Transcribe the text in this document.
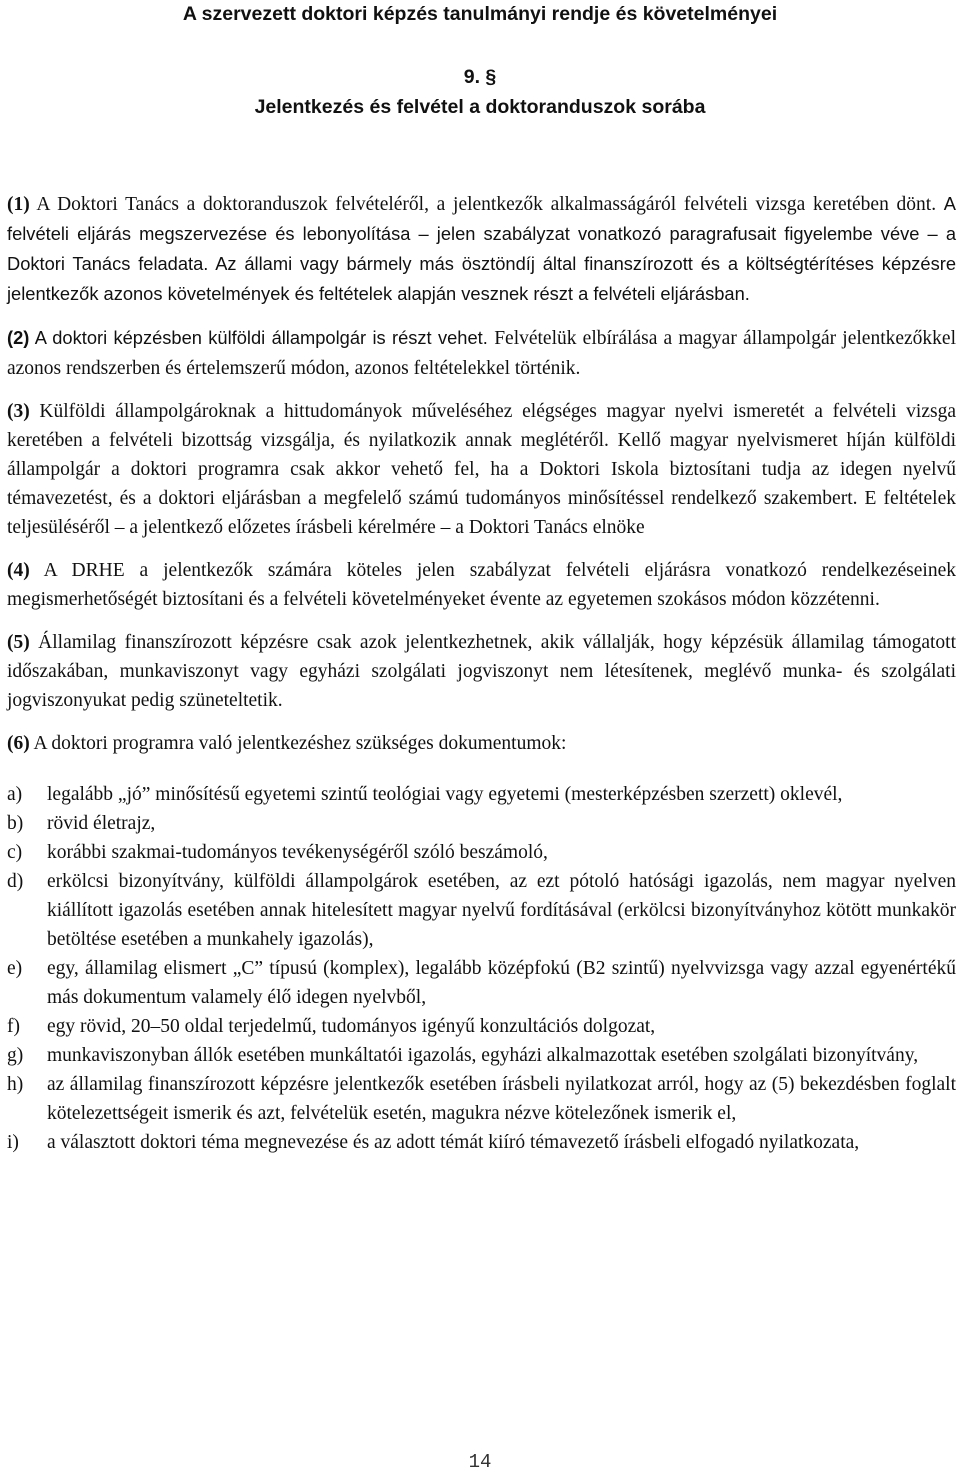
A szervezett doktori képzés tanulmányi rendje és követelményei
9. §
Jelentkezés és felvétel a doktoranduszok sorába

(1) A Doktori Tanács a doktoranduszok felvételéről, a jelentkezők alkalmasságáról felvételi vizsga keretében dönt. A felvételi eljárás megszervezése és lebonyolítása – jelen szabályzat vonatkozó paragrafusait figyelembe véve – a Doktori Tanács feladata. Az állami vagy bármely más ösztöndíj által finanszírozott és a költségtérítéses képzésre jelentkezők azonos követelmények és feltételek alapján vesznek részt a felvételi eljárásban.

(2) A doktori képzésben külföldi állampolgár is részt vehet. Felvételük elbírálása a magyar állampolgár jelentkezőkkel azonos rendszerben és értelemszerű módon, azonos feltételekkel történik.

(3) Külföldi állampolgároknak a hittudományok műveléséhez elégséges magyar nyelvi ismeretét a felvételi vizsga keretében a felvételi bizottság vizsgálja, és nyilatkozik annak meglétéről. Kellő magyar nyelvismeret híján külföldi állampolgár a doktori programra csak akkor vehető fel, ha a Doktori Iskola biztosítani tudja az idegen nyelvű témavezetést, és a doktori eljárásban a megfelelő számú tudományos minősítéssel rendelkező szakembert. E feltételek teljesüléséről – a jelentkező előzetes írásbeli kérelmére – a Doktori Tanács elnöke

(4) A DRHE a jelentkezők számára köteles jelen szabályzat felvételi eljárásra vonatkozó rendelkezéseinek megismerhetőségét biztosítani és a felvételi követelményeket évente az egyetemen szokásos módon közzétenni.

(5) Államilag finanszírozott képzésre csak azok jelentkezhetnek, akik vállalják, hogy képzésük államilag támogatott időszakában, munkaviszonyt vagy egyházi szolgálati jogviszonyt nem létesítenek, meglévő munka- és szolgálati jogviszonyukat pedig szüneteltetik.

(6) A doktori programra való jelentkezéshez szükséges dokumentumok:

a)	legalább „jó” minősítésű egyetemi szintű teológiai vagy egyetemi (mesterképzésben szerzett) oklevél,
b)	rövid életrajz,
c)	korábbi szakmai-tudományos tevékenységéről szóló beszámoló,
d)	erkölcsi bizonyítvány, külföldi állampolgárok esetében, az ezt pótoló hatósági igazolás, nem magyar nyelven kiállított igazolás esetében annak hitelesített magyar nyelvű fordításával (erkölcsi bizonyítványhoz kötött munkakör betöltése esetében a munkahely igazolás),
e)	egy, államilag elismert „C” típusú (komplex), legalább középfokú (B2 szintű) nyelvvizsga vagy azzal egyenértékű más dokumentum valamely élő idegen nyelvből,
f)	egy rövid, 20–50 oldal terjedelmű, tudományos igényű konzultációs dolgozat,
g)	munkaviszonyban állók esetében munkáltatói igazolás, egyházi alkalmazottak esetében szolgálati bizonyítvány,
h)	az államilag finanszírozott képzésre jelentkezők esetében írásbeli nyilatkozat arról, hogy az (5) bekezdésben foglalt kötelezettségeit ismerik és azt, felvételük esetén, magukra nézve kötelezőnek ismerik el,
i)	a választott doktori téma megnevezése és az adott témát kiíró témavezető írásbeli elfogadó nyilatkozata,
14
